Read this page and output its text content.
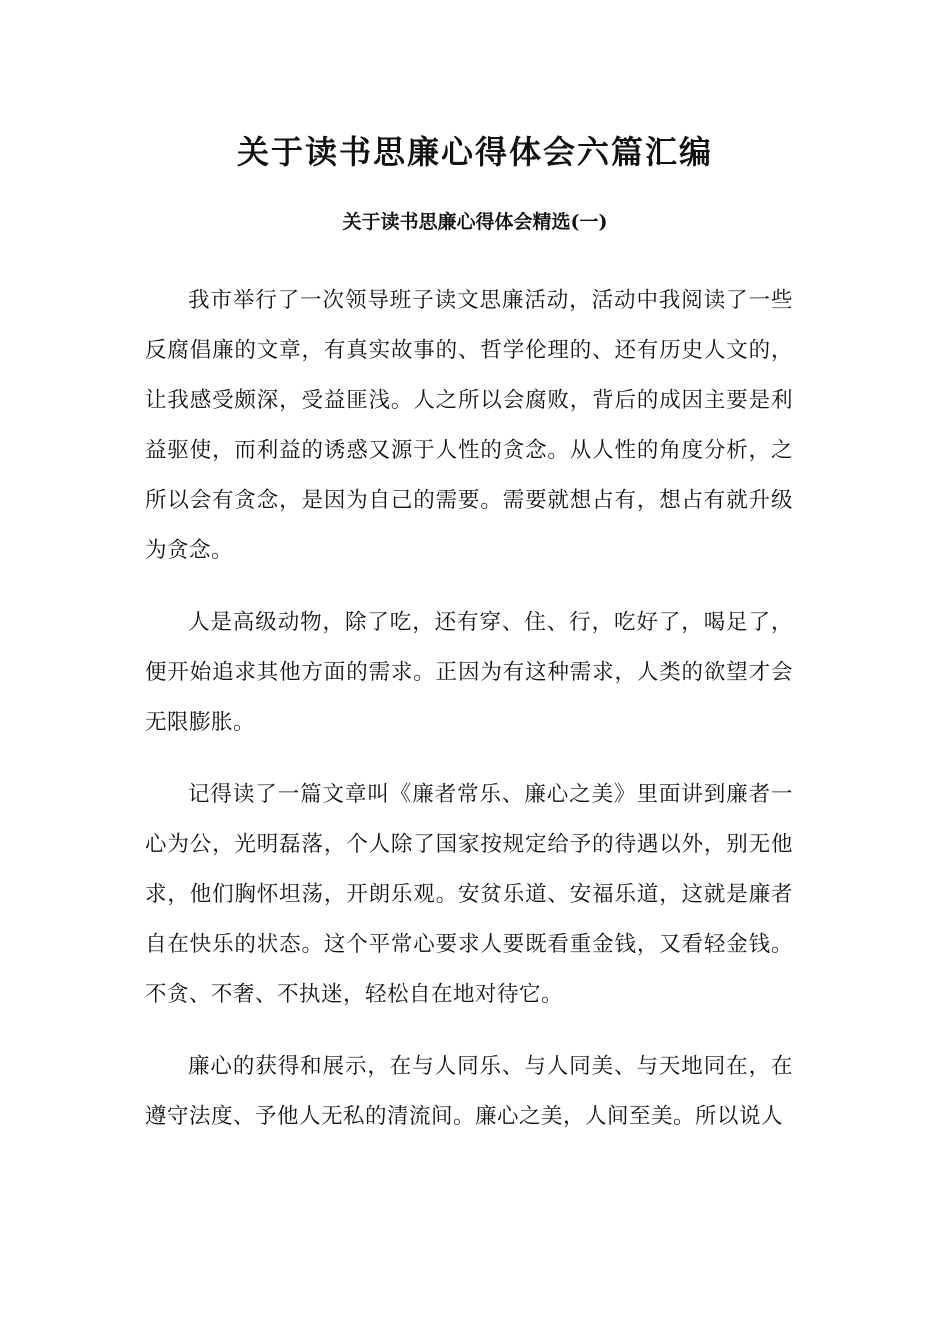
关于读书思廉心得体会六篇汇编
关于读书思廉心得体会精选(一)

我市举行了一次领导班子读文思廉活动，活动中我阅读了一些反腐倡廉的文章，有真实故事的、哲学伦理的、还有历史人文的，让我感受颇深，受益匪浅。人之所以会腐败，背后的成因主要是利益驱使，而利益的诱惑又源于人性的贪念。从人性的角度分析，之所以会有贪念，是因为自己的需要。需要就想占有，想占有就升级为贪念。

人是高级动物，除了吃，还有穿、住、行，吃好了，喝足了，便开始追求其他方面的需求。正因为有这种需求，人类的欲望才会无限膨胀。

记得读了一篇文章叫《廉者常乐、廉心之美》里面讲到廉者一心为公，光明磊落，个人除了国家按规定给予的待遇以外，别无他求，他们胸怀坦荡，开朗乐观。安贫乐道、安福乐道，这就是廉者自在快乐的状态。这个平常心要求人要既看重金钱，又看轻金钱。不贪、不奢、不执迷，轻松自在地对待它。

廉心的获得和展示，在与人同乐、与人同美、与天地同在，在遵守法度、予他人无私的清流间。廉心之美，人间至美。所以说人
